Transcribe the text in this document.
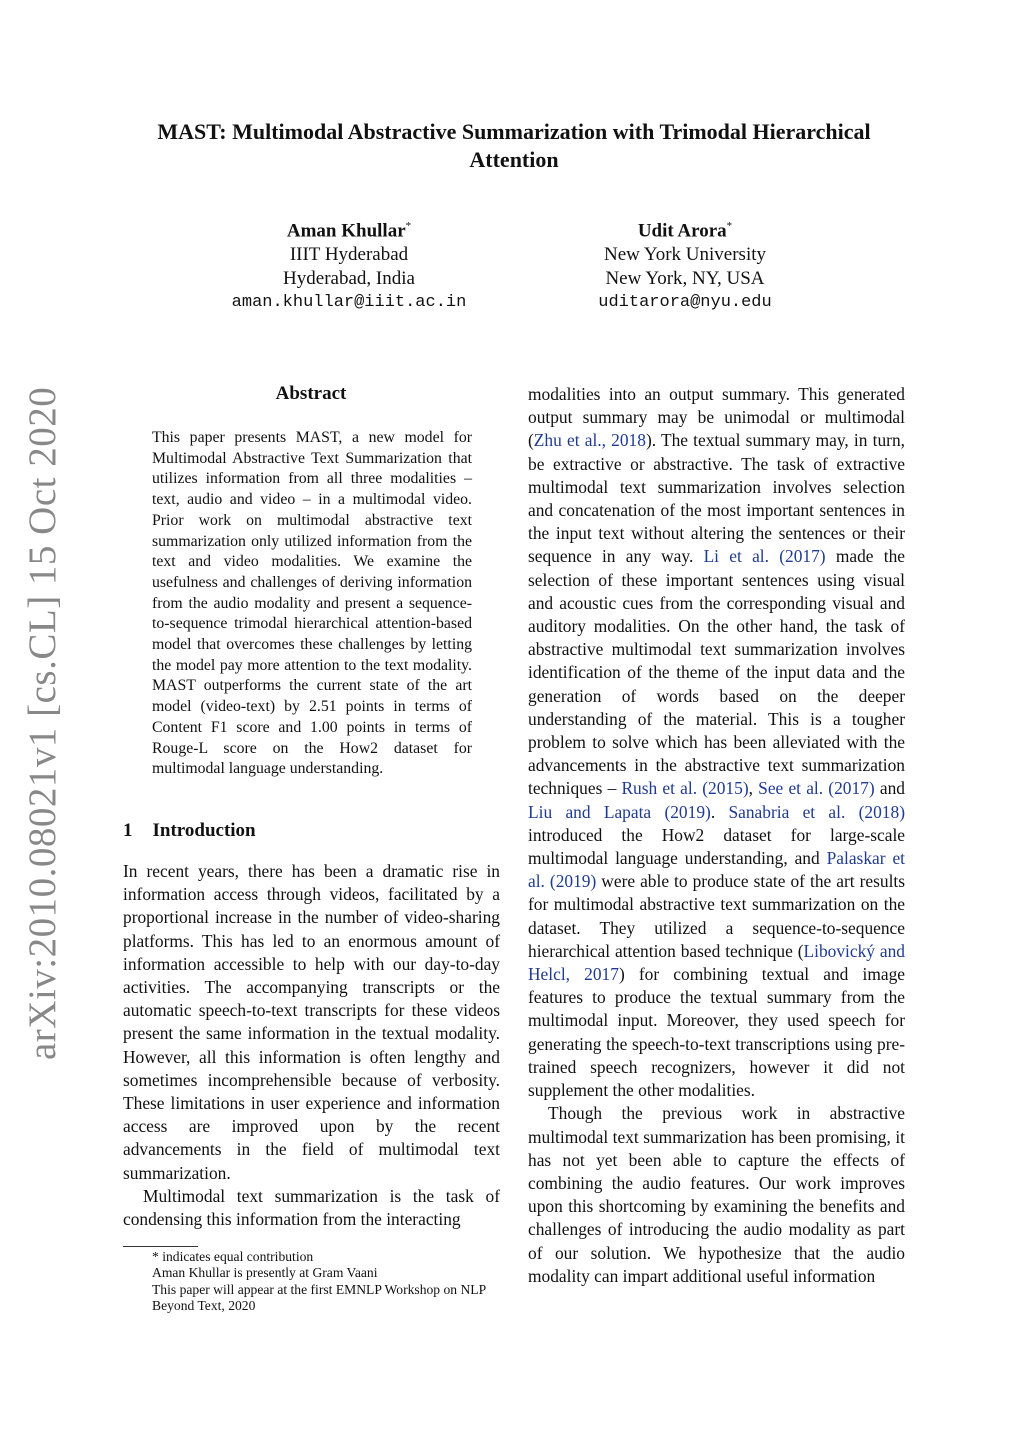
arXiv:2010.08021v1 [cs.CL] 15 Oct 2020
MAST: Multimodal Abstractive Summarization with Trimodal Hierarchical Attention
Aman Khullar*
IIIT Hyderabad
Hyderabad, India
aman.khullar@iiit.ac.in
Udit Arora*
New York University
New York, NY, USA
uditarora@nyu.edu
Abstract
This paper presents MAST, a new model for Multimodal Abstractive Text Summarization that utilizes information from all three modalities – text, audio and video – in a multimodal video. Prior work on multimodal abstractive text summarization only utilized information from the text and video modalities. We examine the usefulness and challenges of deriving information from the audio modality and present a sequence-to-sequence trimodal hierarchical attention-based model that overcomes these challenges by letting the model pay more attention to the text modality. MAST outperforms the current state of the art model (video-text) by 2.51 points in terms of Content F1 score and 1.00 points in terms of Rouge-L score on the How2 dataset for multimodal language understanding.
1 Introduction

In recent years, there has been a dramatic rise in information access through videos, facilitated by a proportional increase in the number of video-sharing platforms. This has led to an enormous amount of information accessible to help with our day-to-day activities. The accompanying transcripts or the automatic speech-to-text transcripts for these videos present the same information in the textual modality. However, all this information is often lengthy and sometimes incomprehensible because of verbosity. These limitations in user experience and information access are improved upon by the recent advancements in the field of multimodal text summarization.

Multimodal text summarization is the task of condensing this information from the interacting

modalities into an output summary. This generated output summary may be unimodal or multimodal (Zhu et al., 2018). The textual summary may, in turn, be extractive or abstractive. The task of extractive multimodal text summarization involves selection and concatenation of the most important sentences in the input text without altering the sentences or their sequence in any way. Li et al. (2017) made the selection of these important sentences using visual and acoustic cues from the corresponding visual and auditory modalities. On the other hand, the task of abstractive multimodal text summarization involves identification of the theme of the input data and the generation of words based on the deeper understanding of the material. This is a tougher problem to solve which has been alleviated with the advancements in the abstractive text summarization techniques – Rush et al. (2015), See et al. (2017) and Liu and Lapata (2019). Sanabria et al. (2018) introduced the How2 dataset for large-scale multimodal language understanding, and Palaskar et al. (2019) were able to produce state of the art results for multimodal abstractive text summarization on the dataset. They utilized a sequence-to-sequence hierarchical attention based technique (Libovický and Helcl, 2017) for combining textual and image features to produce the textual summary from the multimodal input. Moreover, they used speech for generating the speech-to-text transcriptions using pre-trained speech recognizers, however it did not supplement the other modalities.

Though the previous work in abstractive multimodal text summarization has been promising, it has not yet been able to capture the effects of combining the audio features. Our work improves upon this shortcoming by examining the benefits and challenges of introducing the audio modality as part of our solution. We hypothesize that the audio modality can impart additional useful information

* indicates equal contribution
Aman Khullar is presently at Gram Vaani
This paper will appear at the first EMNLP Workshop on NLP Beyond Text, 2020
